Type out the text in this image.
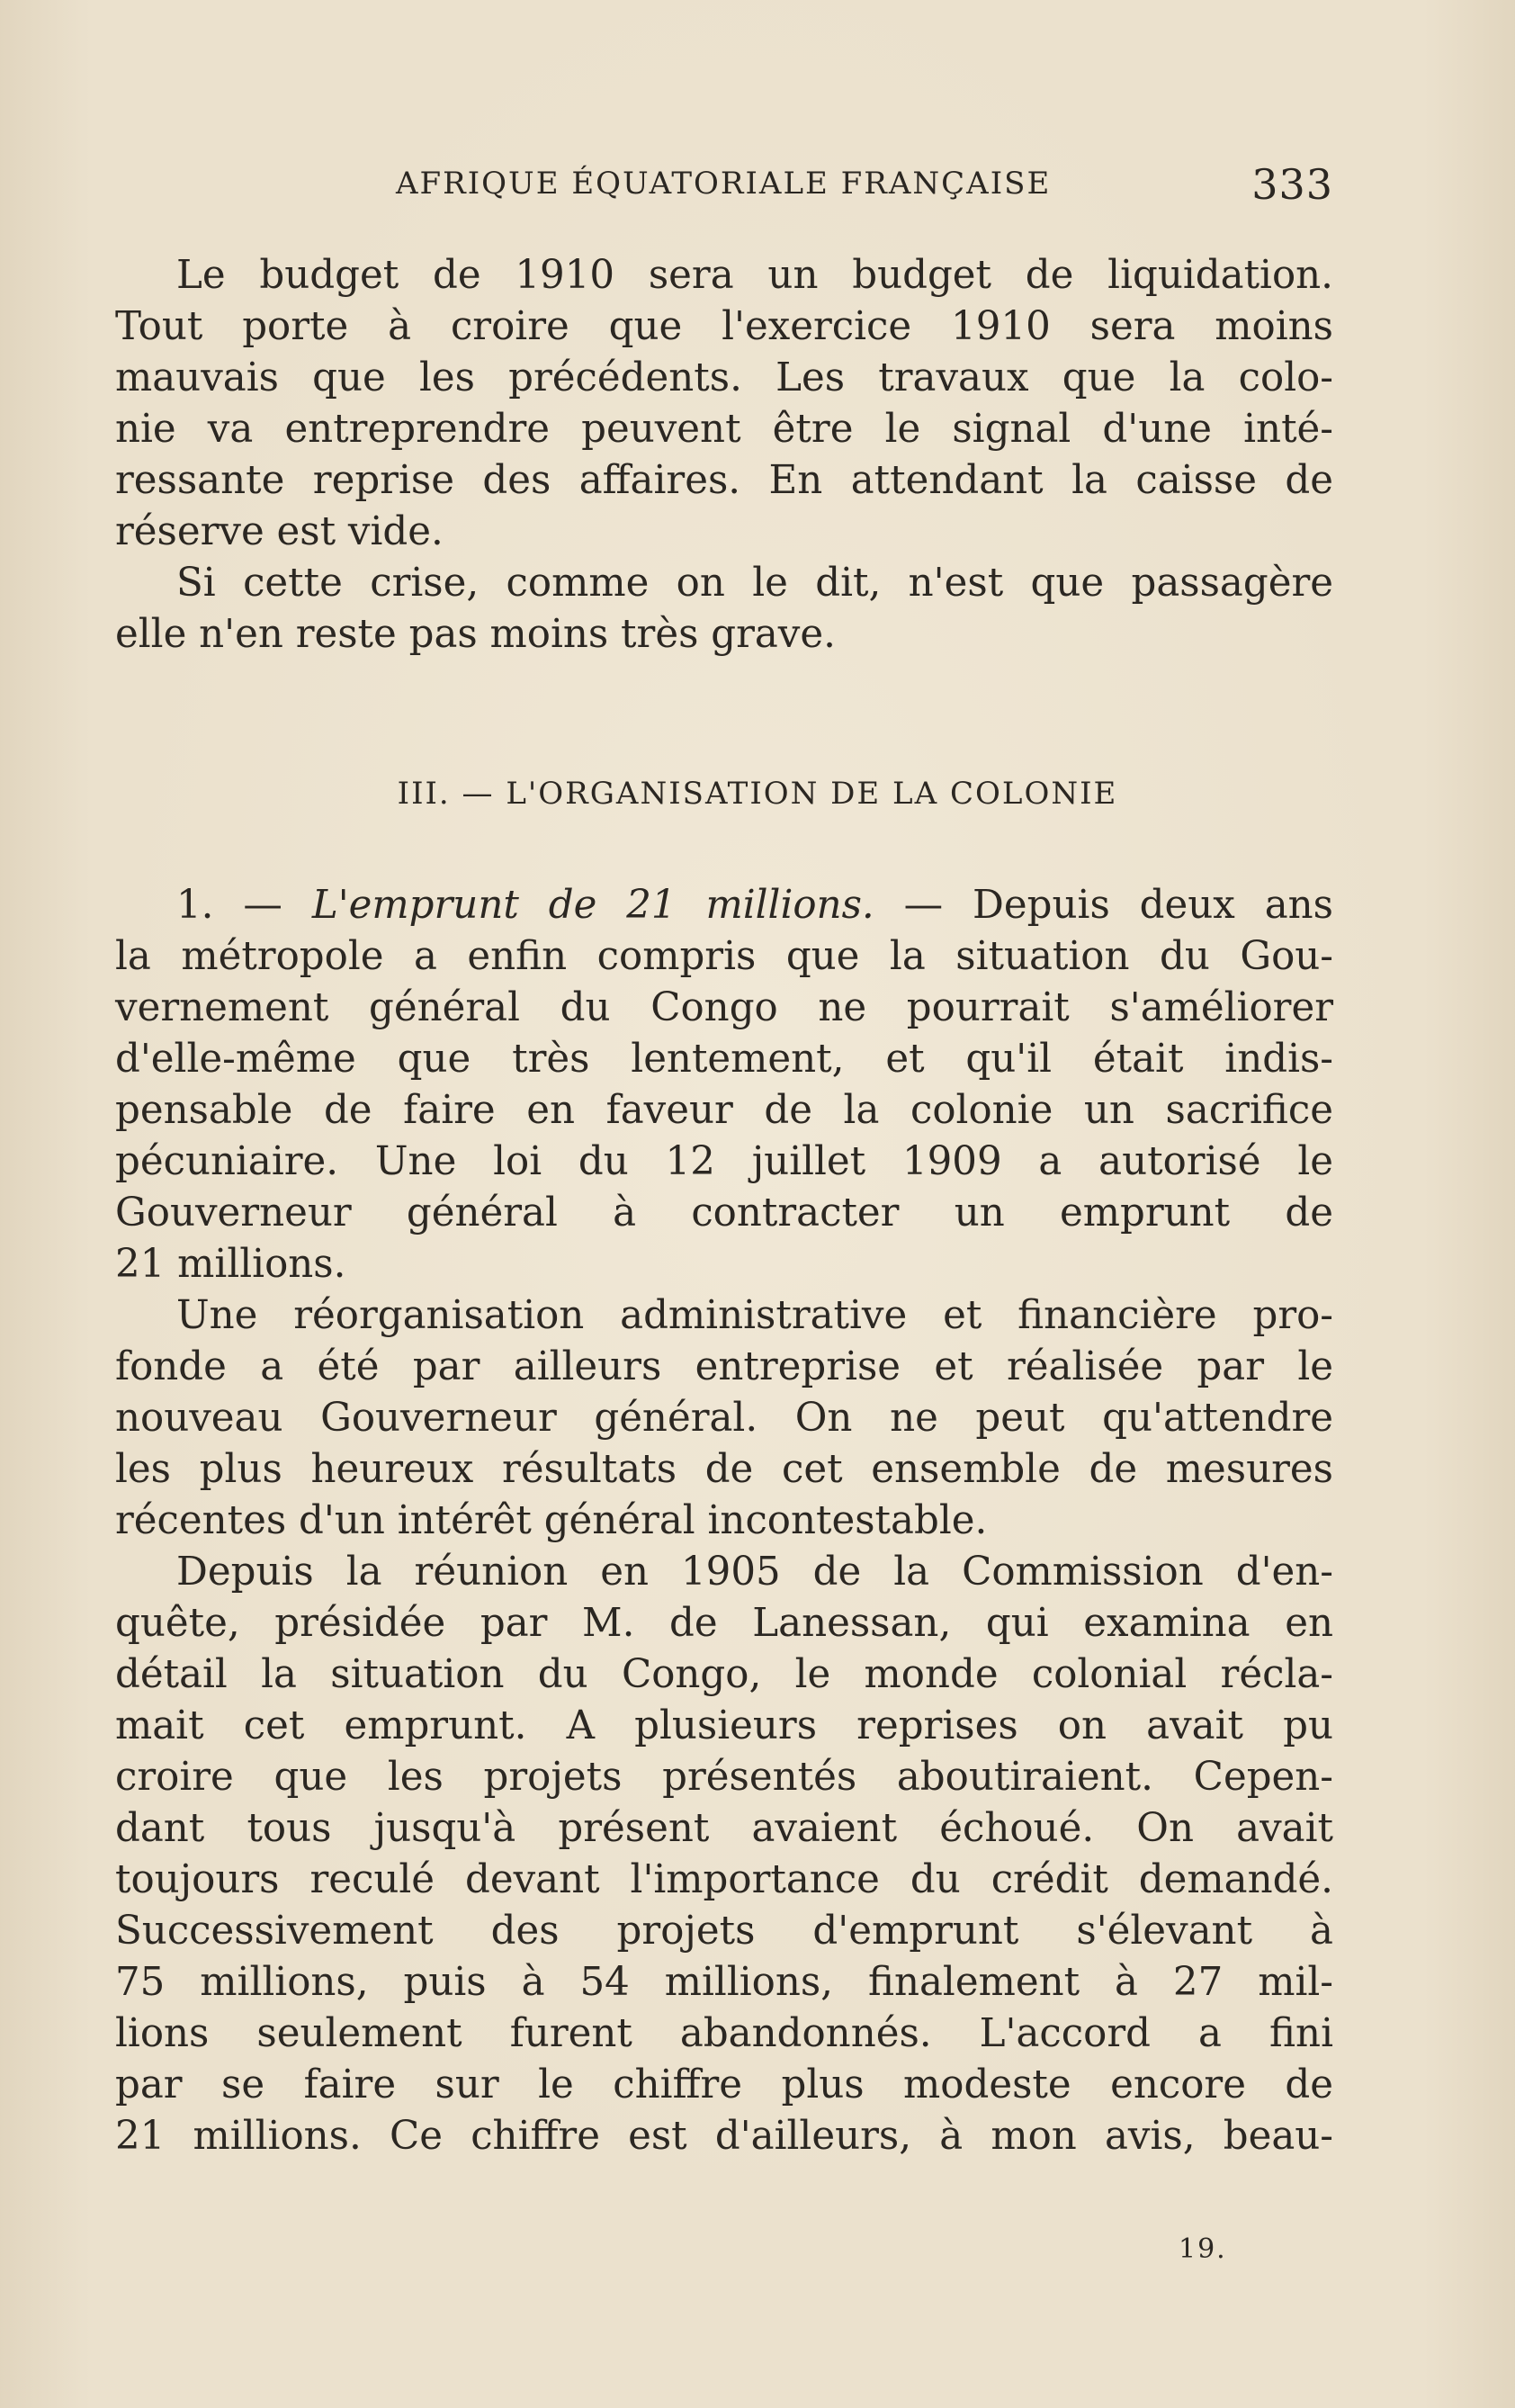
AFRIQUE ÉQUATORIALE FRANÇAISE	333
Le budget de 1910 sera un budget de liquidation.
Tout porte à croire que l'exercice 1910 sera moins
mauvais que les précédents. Les travaux que la colo-
nie va entreprendre peuvent être le signal d'une inté-
ressante reprise des affaires. En attendant la caisse de
réserve est vide.
Si cette crise, comme on le dit, n'est que passagère
elle n'en reste pas moins très grave.
III. — L'ORGANISATION DE LA COLONIE
1. — L'emprunt de 21 millions. — Depuis deux ans
la métropole a enfin compris que la situation du Gou-
vernement général du Congo ne pourrait s'améliorer
d'elle-même que très lentement, et qu'il était indis-
pensable de faire en faveur de la colonie un sacrifice
pécuniaire. Une loi du 12 juillet 1909 a autorisé le
Gouverneur général à contracter un emprunt de
21 millions.
Une réorganisation administrative et financière pro-
fonde a été par ailleurs entreprise et réalisée par le
nouveau Gouverneur général. On ne peut qu'attendre
les plus heureux résultats de cet ensemble de mesures
récentes d'un intérêt général incontestable.
Depuis la réunion en 1905 de la Commission d'en-
quête, présidée par M. de Lanessan, qui examina en
détail la situation du Congo, le monde colonial récla-
mait cet emprunt. A plusieurs reprises on avait pu
croire que les projets présentés aboutiraient. Cepen-
dant tous jusqu'à présent avaient échoué. On avait
toujours reculé devant l'importance du crédit demandé.
Successivement des projets d'emprunt s'élevant à
75 millions, puis à 54 millions, finalement à 27 mil-
lions seulement furent abandonnés. L'accord a fini
par se faire sur le chiffre plus modeste encore de
21 millions. Ce chiffre est d'ailleurs, à mon avis, beau-
19.
